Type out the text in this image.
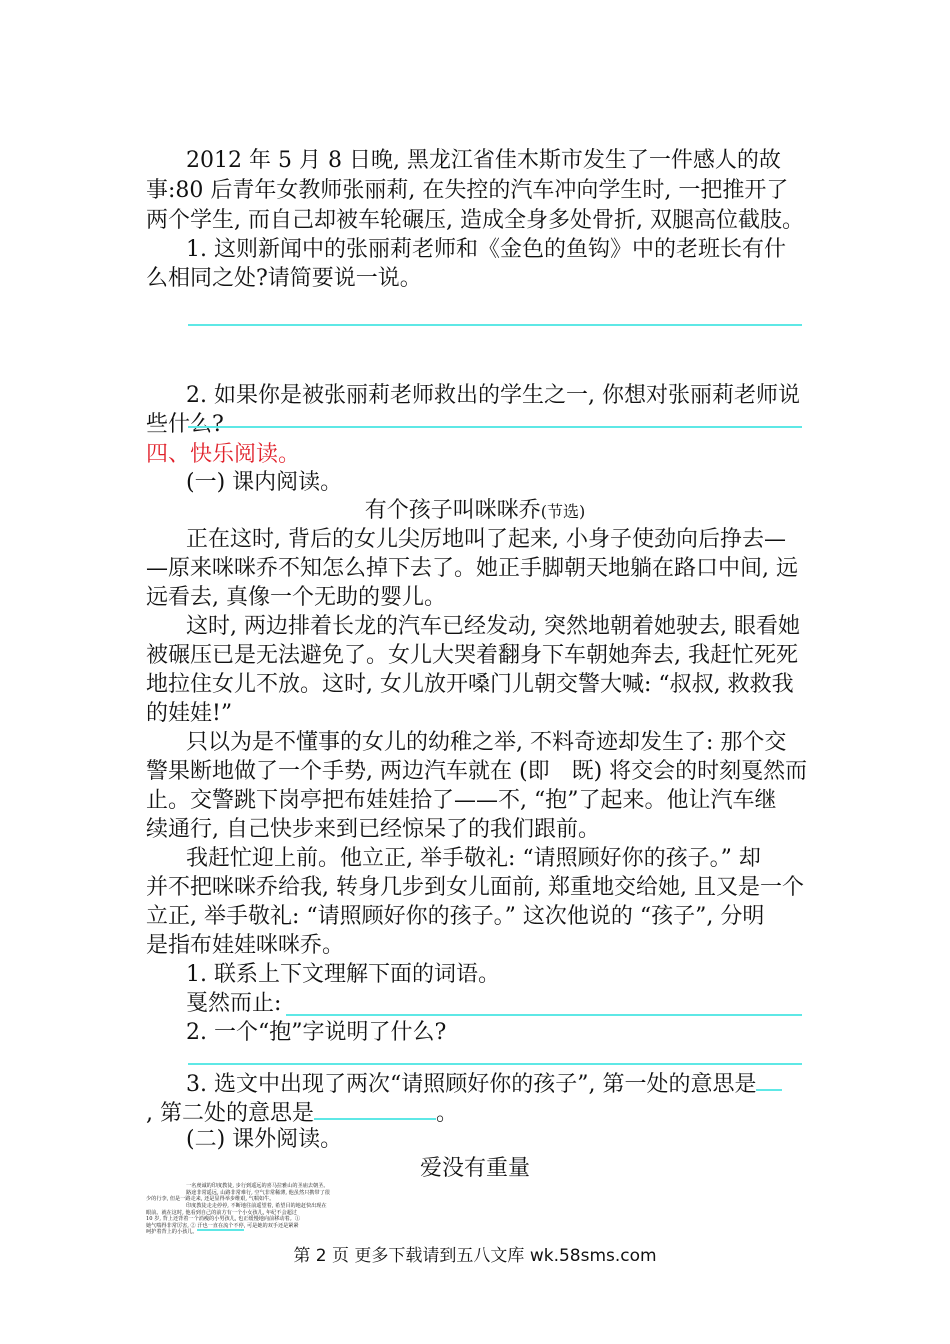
2012 年 5 月 8 日晚, 黑龙江省佳木斯市发生了一件感人的故
事:80 后青年女教师张丽莉, 在失控的汽车冲向学生时, 一把推开了
两个学生, 而自己却被车轮碾压, 造成全身多处骨折, 双腿高位截肢。
1. 这则新闻中的张丽莉老师和《金色的鱼钩》中的老班长有什
么相同之处?请简要说一说。
2. 如果你是被张丽莉老师救出的学生之一, 你想对张丽莉老师说
些什么?
四、快乐阅读。
(一) 课内阅读。
有个孩子叫咪咪乔(节选)
正在这时, 背后的女儿尖厉地叫了起来, 小身子使劲向后挣去—
—原来咪咪乔不知怎么掉下去了。她正手脚朝天地躺在路口中间, 远
远看去, 真像一个无助的婴儿。
这时, 两边排着长龙的汽车已经发动, 突然地朝着她驶去, 眼看她
被碾压已是无法避免了。女儿大哭着翻身下车朝她奔去, 我赶忙死死
地拉住女儿不放。这时, 女儿放开嗓门儿朝交警大喊: “叔叔, 救救我
的娃娃!”
只以为是不懂事的女儿的幼稚之举, 不料奇迹却发生了: 那个交
警果断地做了一个手势, 两边汽车就在 (即　既) 将交会的时刻戛然而
止。交警跳下岗亭把布娃娃拾了——不, “抱”了起来。他让汽车继
续通行, 自己快步来到已经惊呆了的我们跟前。
我赶忙迎上前。他立正, 举手敬礼: “请照顾好你的孩子。” 却
并不把咪咪乔给我, 转身几步到女儿面前, 郑重地交给她, 且又是一个
立正, 举手敬礼: “请照顾好你的孩子。” 这次他说的 “孩子”, 分明
是指布娃娃咪咪乔。
1. 联系上下文理解下面的词语。
戛然而止:
2. 一个“抱”字说明了什么?
3. 选文中出现了两次“请照顾好你的孩子”, 第一处的意思是
, 第二处的意思是	。
(二) 课外阅读。
爱没有重量
一名虔诚的印度教徒, 步行到遥远的喜马拉雅山的圣庙去朝圣。
路途非常遥远, 山路非常难行, 空气非常稀薄, 他虽然只携带了很
少的行李, 但是一路走来, 还是显得举步维艰, 气喘如牛。
印度教徒走走停停, 不断地往前遥望着, 希望目的地赶快出现在
眼前。就在这时, 他看到自己的前方有一个小女孩儿, 年纪不会超过
10 岁, 背上还背着一个消瘦的小男孩儿, 也正缓慢地向前移动着。①
她气喘得非常厉害, ② 汗也一直在流个不停, 可是她的双手还是紧紧
呵护着背上的小孩儿。
第 2 页 更多下载请到五八文库 wk.58sms.com
